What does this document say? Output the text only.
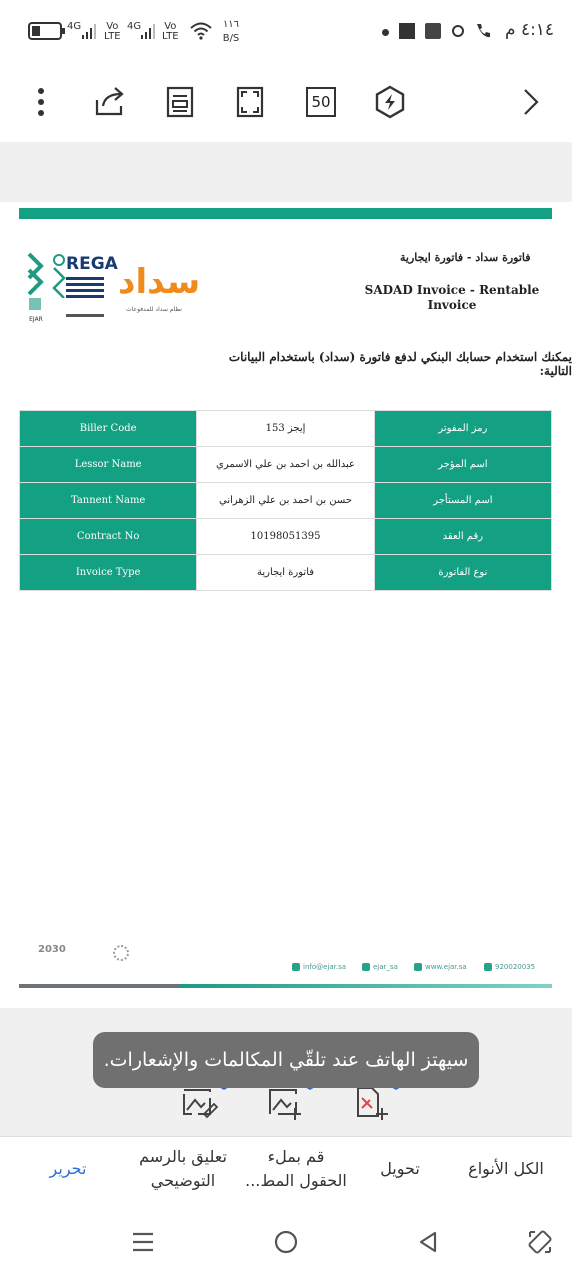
4G	Vo
LTE
4G Vo
LTE
١١٦
B/S	٤:١٤ م
50
EJAR
REGA سداد
نظام سداد للمدفوعات
فاتورة سداد - فاتورة ايجارية
SADAD Invoice - Rentable Invoice
يمكنك استخدام حسابك البنكي لدفع فاتورة (سداد) باستخدام البيانات التالية:
Biller Code	153 إيجز	رمز المفوتر
Lessor Name	عبدالله بن احمد بن علي الاسمري	اسم المؤجر
Tannent Name	حسن بن احمد بن علي الزهراني	اسم المستأجر
Contract No	10198051395	رقم العقد
Invoice Type	فاتورة ايجارية	نوع الفاتورة
2030
info@ejar.sa	ejar_sa	www.ejar.sa	920020035
سيهتز الهاتف عند تلقّي المكالمات والإشعارات.
تحرير
تعليق بالرسم
التوضيحي
قم بملء
الحقول المط...
تحويل	الكل الأنواع
